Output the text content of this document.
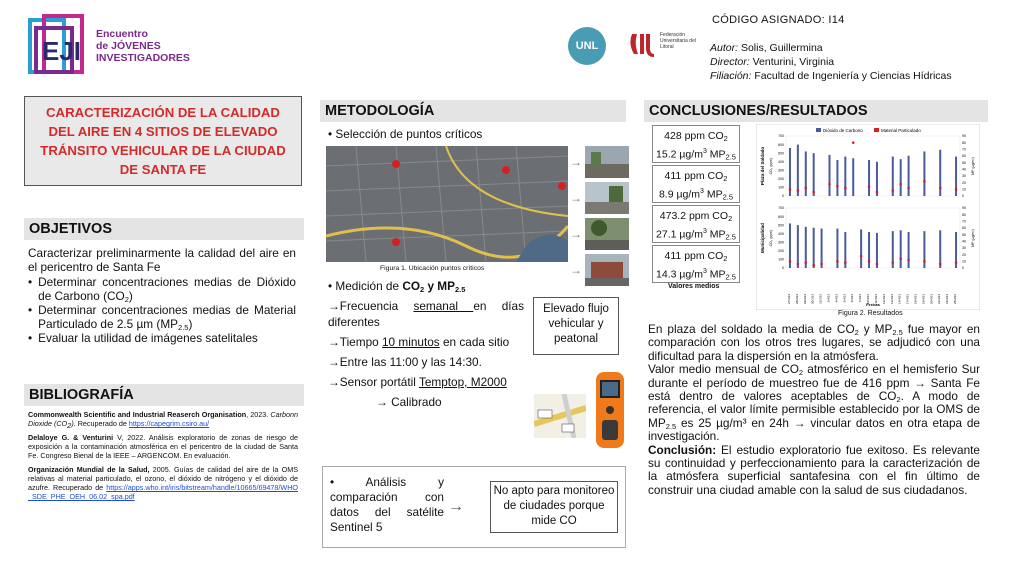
EJI
Encuentro
de JÓVENES
INVESTIGADORES
UNL
Federación Universitaria del Litoral
CÓDIGO ASIGNADO: I14
Autor: Solis, Guillermina
Director: Venturini, Virginia
Filiación: Facultad de Ingeniería y Ciencias Hídricas
CARACTERIZACIÓN DE LA CALIDAD DEL AIRE EN 4 SITIOS DE ELEVADO TRÁNSITO VEHICULAR DE LA CIUDAD DE SANTA FE
OBJETIVOS
Caracterizar preliminarmente la calidad del aire en el pericentro de Santa Fe
• Determinar concentraciones medias de Dióxido de Carbono $(CO_2)$
• Determinar concentraciones medias de Material Particulado de 2.5 µm $(MP_{2.5})$
• Evaluar la utilidad de imágenes satelitales
BIBLIOGRAFÍA

Commonwealth Scientific and Industrial Reaserch Organisation, 2023. Carbonn Dioxide $(CO_2)$. Recuperado de https://capegrim.csiro.au/

Delaloye G. & Venturini V, 2022. Análisis exploratorio de zonas de riesgo de exposición a la contaminación atmosférica en el pericentro de la ciudad de Santa Fe. Congreso Bienal de la IEEE – ARGENCOM. En evaluación.

Organización Mundial de la Salud, 2005. Guías de calidad del aire de la OMS relativas al material particulado, el ozono, el dióxido de nitrógeno y el dióxido de azufre. Recuperado de https://apps.who.int/iris/bitstream/handle/10665/69478/WHO_SDE_PHE_OEH_06.02_spa.pdf

METODOLOGÍA
• Selección de puntos críticos
→
→
→
→
Figura 1. Ubicación puntos críticos
• Medición de $CO_2$ y $MP_{2.5}$
→Frecuencia semanal en días diferentes
→Tiempo 10 minutos en cada sitio
→Entre las 11:00 y las 14:30.
→Sensor portátil Temptop, M2000
→ Calibrado
Elevado flujo vehicular y peatonal
• Análisis y comparación con datos del satélite Sentinel 5
→
No apto para monitoreo de ciudades porque mide CO
CONCLUSIONES/RESULTADOS
428 ppm $CO_2$
15.2 $\mu g/m^3$ $MP_{2.5}$
411 ppm $CO_2$
8.9 $\mu g/m^3$ $MP_{2.5}$
473.2 ppm $CO_2$
27.1 $\mu g/m^3$ $MP_{2.5}$
411 ppm $CO_2$
14.3 $\mu g/m^3$ $MP_{2.5}$
Valores medios
Dióxido de Carbono	Material Particulado
Plaza del Soldado CO₂ (ppm)	MP (µg/m³)
0
100
200
300
400
500
600
700
0
10
20
30
40
50
60
70
80
90
Municipalidad CO₂ (ppm)	MP (µg/m³)
0
100
200
300
400
500
600
700
0
10
20
30
40
50
60
70
80
90
27/3/23 28/3/23 29/3/23 30/3/23 31/3/23 3/4/23 4/4/23 5/4/23 6/4/23 7/4/23 10/4/23 11/4/23 12/4/23 13/4/23 14/4/23 17/4/23 18/4/23 19/4/23 20/4/23 21/4/23 24/4/23 25/4/23
Fechas
Figura 2. Resultados

En plaza del soldado la media de $CO_2$ y $MP_{2.5}$ fue mayor en comparación con los otros tres lugares, se adjudicó con una dificultad para la dispersión en la atmósfera.

Valor medio mensual de $CO_2$ atmosférico en el hemisferio Sur durante el período de muestreo fue de 416 ppm → Santa Fe está dentro de valores aceptables de $CO_2$. A modo de referencia, el valor límite permisible establecido por la OMS de $MP_{2.5}$ es 25 µg/m³ en 24h → vincular datos en otra etapa de investigación.

Conclusión: El estudio exploratorio fue exitoso. Es relevante su continuidad y perfeccionamiento para la caracterización de la atmósfera superficial santafesina con el fin último de construir una ciudad amable con la salud de sus ciudadanos.
